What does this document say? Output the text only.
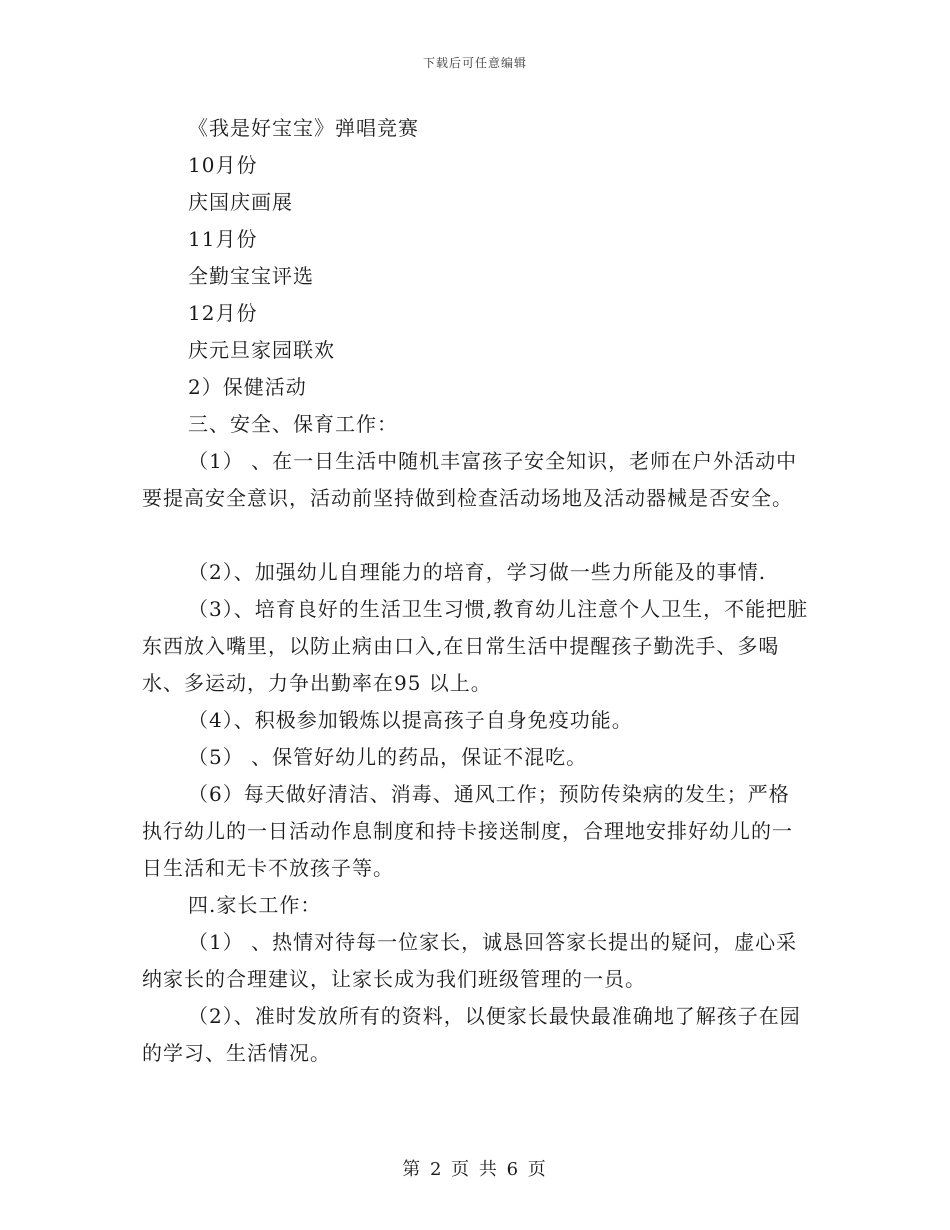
下载后可任意编辑
《我是好宝宝》弹唱竞赛
10月份
庆国庆画展
11月份
全勤宝宝评选
12月份
庆元旦家园联欢
2）保健活动
三、安全、保育工作：
（1） 、在一日生活中随机丰富孩子安全知识，老师在户外活动中要提高安全意识，活动前坚持做到检查活动场地及活动器械是否安全。
（2）、加强幼儿自理能力的培育，学习做一些力所能及的事情.
（3）、培育良好的生活卫生习惯,教育幼儿注意个人卫生，不能把脏东西放入嘴里，以防止病由口入,在日常生活中提醒孩子勤洗手、多喝水、多运动，力争出勤率在95 以上。
（4）、积极参加锻炼以提高孩子自身免疫功能。
（5） 、保管好幼儿的药品，保证不混吃。
（6）每天做好清洁、消毒、通风工作；预防传染病的发生；严格执行幼儿的一日活动作息制度和持卡接送制度，合理地安排好幼儿的一日生活和无卡不放孩子等。
四.家长工作：
（1） 、热情对待每一位家长，诚恳回答家长提出的疑问，虚心采纳家长的合理建议，让家长成为我们班级管理的一员。
（2）、准时发放所有的资料，以便家长最快最准确地了解孩子在园的学习、生活情况。
第 2 页 共 6 页
